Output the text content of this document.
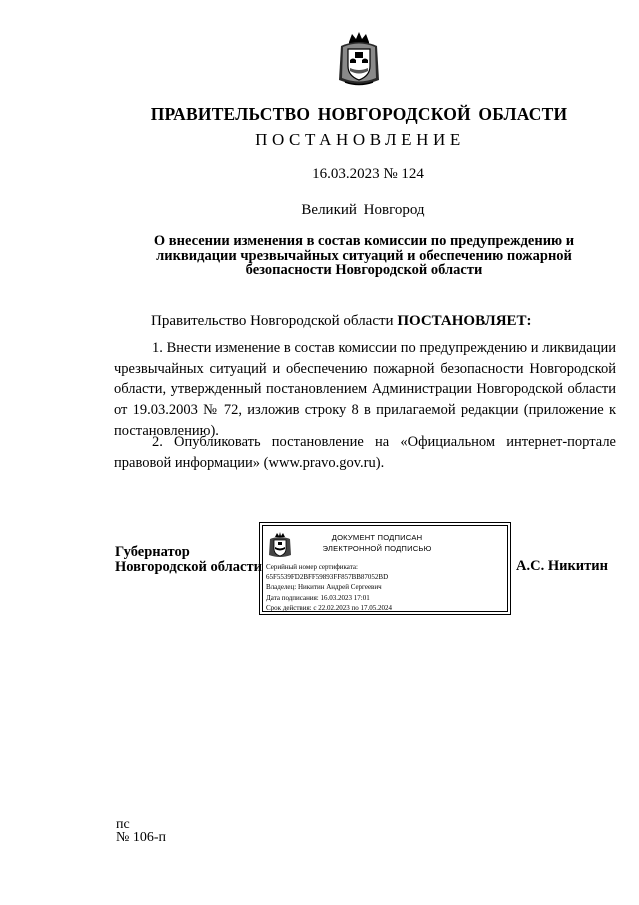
ПРАВИТЕЛЬСТВО НОВГОРОДСКОЙ ОБЛАСТИ
ПОСТАНОВЛЕНИЕ
16.03.2023 № 124
Великий Новгород
О внесении изменения в состав комиссии по предупреждению и ликвидации чрезвычайных ситуаций и обеспечению пожарной безопасности Новгородской области
Правительство Новгородской области ПОСТАНОВЛЯЕТ:

1. Внести изменение в состав комиссии по предупреждению и ликвидации чрезвычайных ситуаций и обеспечению пожарной безопасности Новгородской области, утвержденный постановлением Администрации Новгородской области от 19.03.2003 № 72, изложив строку 8 в прилагаемой редакции (приложение к постановлению).

2. Опубликовать постановление на «Официальном интернет-портале правовой информации» (www.pravo.gov.ru).

Губернатор
Новгородской области
ДОКУМЕНТ ПОДПИСАН
ЭЛЕКТРОННОЙ ПОДПИСЬЮ
Серийный номер сертификата:
65F5539FD2BFF59893FF857BB87052BD
Владелец: Никитин Андрей Сергеевич
Дата подписания: 16.03.2023 17:01
Срок действия: с 22.02.2023 по 17.05.2024
А.С. Никитин
пс
№ 106-п
